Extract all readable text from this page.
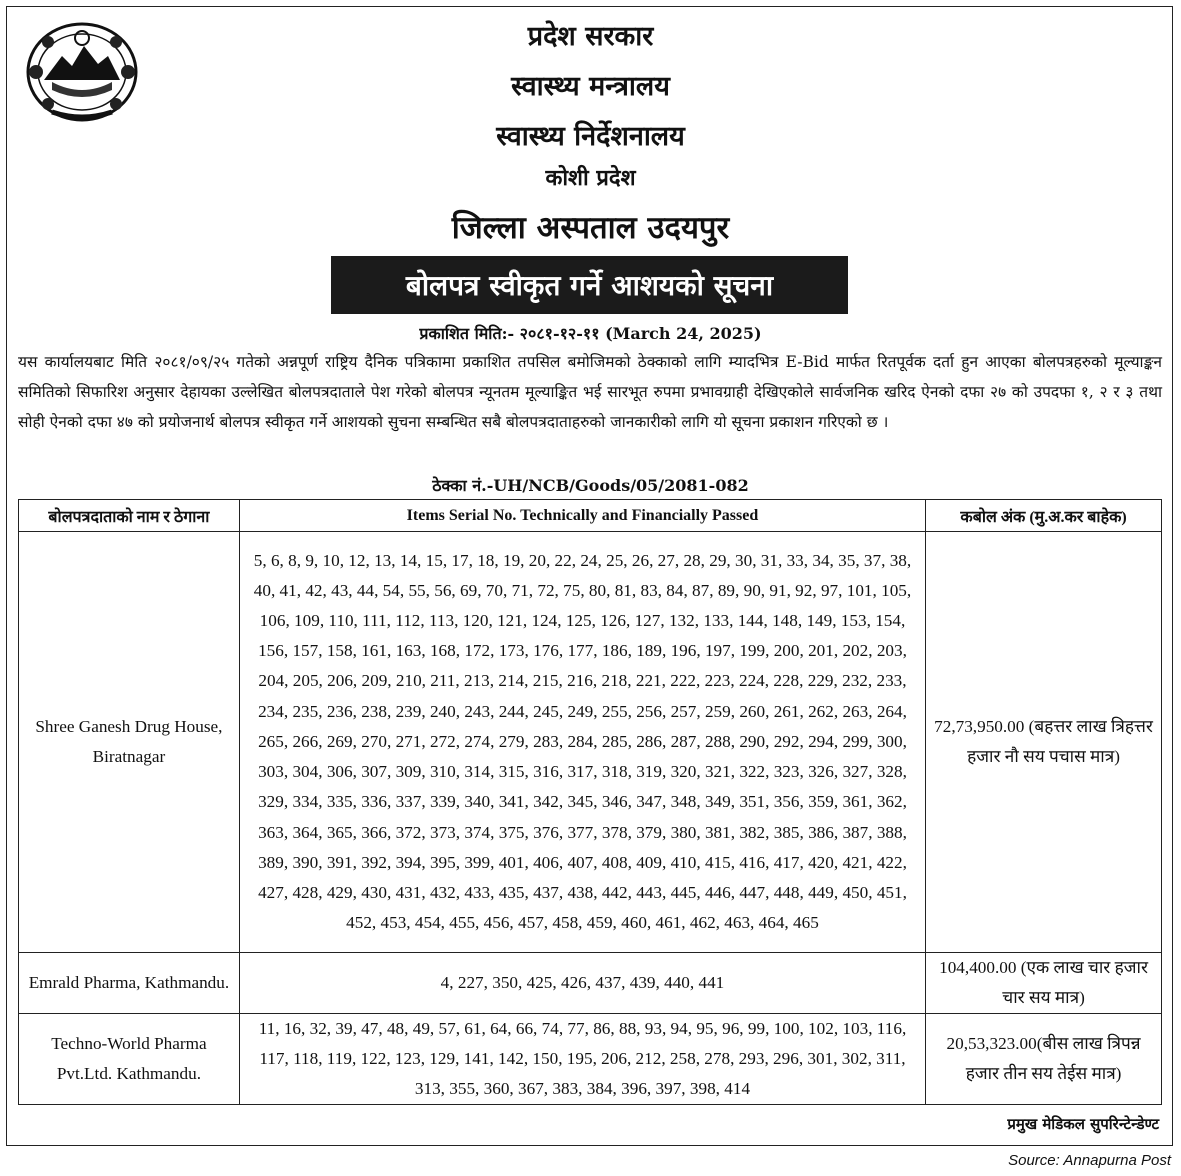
प्रदेश सरकार
स्वास्थ्य मन्त्रालय
स्वास्थ्य निर्देशनालय
कोशी प्रदेश
जिल्ला अस्पताल उदयपुर
बोलपत्र स्वीकृत गर्ने आशयको सूचना
प्रकाशित मिति:- २०८१-१२-११ (March 24, 2025)
यस कार्यालयबाट मिति २०८१/०९/२५ गतेको अन्नपूर्ण राष्ट्रिय दैनिक पत्रिकामा प्रकाशित तपसिल बमोजिमको ठेक्काको लागि म्यादभित्र E-Bid मार्फत रितपूर्वक दर्ता हुन आएका बोलपत्रहरुको मूल्याङ्कन समितिको सिफारिश अनुसार देहायका उल्लेखित बोलपत्रदाताले पेश गरेको बोलपत्र न्यूनतम मूल्याङ्कित भई सारभूत रुपमा प्रभावग्राही देखिएकोले सार्वजनिक खरिद ऐनको दफा २७ को उपदफा १, २ र ३ तथा सोही ऐनको दफा ४७ को प्रयोजनार्थ बोलपत्र स्वीकृत गर्ने आशयको सुचना सम्बन्धित सबै बोलपत्रदाताहरुको जानकारीको लागि यो सूचना प्रकाशन गरिएको छ ।
ठेक्का नं.-UH/NCB/Goods/05/2081-082
बोलपत्रदाताको नाम र ठेगाना	Items Serial No. Technically and Financially Passed	कबोल अंक (मु.अ.कर बाहेक)
Shree Ganesh Drug House, Biratnagar	5, 6, 8, 9, 10, 12, 13, 14, 15, 17, 18, 19, 20, 22, 24, 25, 26, 27, 28, 29, 30, 31, 33, 34, 35, 37, 38, 40, 41, 42, 43, 44, 54, 55, 56, 69, 70, 71, 72, 75, 80, 81, 83, 84, 87, 89, 90, 91, 92, 97, 101, 105, 106, 109, 110, 111, 112, 113, 120, 121, 124, 125, 126, 127, 132, 133, 144, 148, 149, 153, 154, 156, 157, 158, 161, 163, 168, 172, 173, 176, 177, 186, 189, 196, 197, 199, 200, 201, 202, 203, 204, 205, 206, 209, 210, 211, 213, 214, 215, 216, 218, 221, 222, 223, 224, 228, 229, 232, 233, 234, 235, 236, 238, 239, 240, 243, 244, 245, 249, 255, 256, 257, 259, 260, 261, 262, 263, 264, 265, 266, 269, 270, 271, 272, 274, 279, 283, 284, 285, 286, 287, 288, 290, 292, 294, 299, 300, 303, 304, 306, 307, 309, 310, 314, 315, 316, 317, 318, 319, 320, 321, 322, 323, 326, 327, 328, 329, 334, 335, 336, 337, 339, 340, 341, 342, 345, 346, 347, 348, 349, 351, 356, 359, 361, 362, 363, 364, 365, 366, 372, 373, 374, 375, 376, 377, 378, 379, 380, 381, 382, 385, 386, 387, 388, 389, 390, 391, 392, 394, 395, 399, 401, 406, 407, 408, 409, 410, 415, 416, 417, 420, 421, 422, 427, 428, 429, 430, 431, 432, 433, 435, 437, 438, 442, 443, 445, 446, 447, 448, 449, 450, 451, 452, 453, 454, 455, 456, 457, 458, 459, 460, 461, 462, 463, 464, 465	72,73,950.00 (बहत्तर लाख त्रिहत्तर हजार नौ सय पचास मात्र)
Emrald Pharma, Kathmandu.	4, 227, 350, 425, 426, 437, 439, 440, 441	104,400.00 (एक लाख चार हजार चार सय मात्र)
Techno-World Pharma Pvt.Ltd. Kathmandu.	11, 16, 32, 39, 47, 48, 49, 57, 61, 64, 66, 74, 77, 86, 88, 93, 94, 95, 96, 99, 100, 102, 103, 116, 117, 118, 119, 122, 123, 129, 141, 142, 150, 195, 206, 212, 258, 278, 293, 296, 301, 302, 311, 313, 355, 360, 367, 383, 384, 396, 397, 398, 414	20,53,323.00(बीस लाख त्रिपन्न हजार तीन सय तेईस मात्र)
प्रमुख मेडिकल सुपरिन्टेन्डेण्ट
Source: Annapurna Post
